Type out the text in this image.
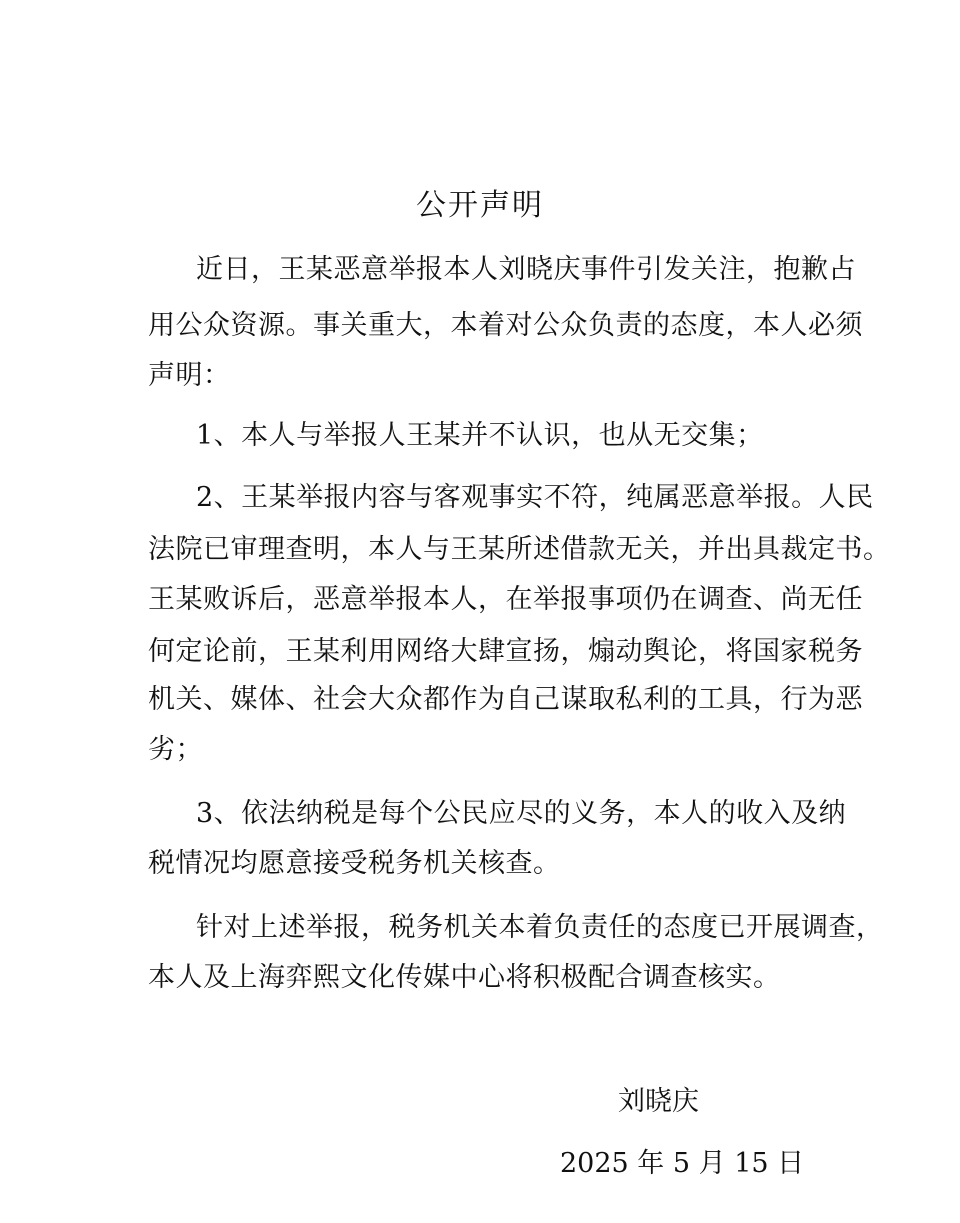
公开声明
近日，王某恶意举报本人刘晓庆事件引发关注，抱歉占
用公众资源。事关重大，本着对公众负责的态度，本人必须
声明：
1、本人与举报人王某并不认识，也从无交集；
2、王某举报内容与客观事实不符，纯属恶意举报。人民
法院已审理查明，本人与王某所述借款无关，并出具裁定书。
王某败诉后，恶意举报本人，在举报事项仍在调查、尚无任
何定论前，王某利用网络大肆宣扬，煽动舆论，将国家税务
机关、媒体、社会大众都作为自己谋取私利的工具，行为恶
劣；
3、依法纳税是每个公民应尽的义务，本人的收入及纳
税情况均愿意接受税务机关核查。
针对上述举报，税务机关本着负责任的态度已开展调查，
本人及上海弈熙文化传媒中心将积极配合调查核实。
刘晓庆
2025 年 5 月 15 日
